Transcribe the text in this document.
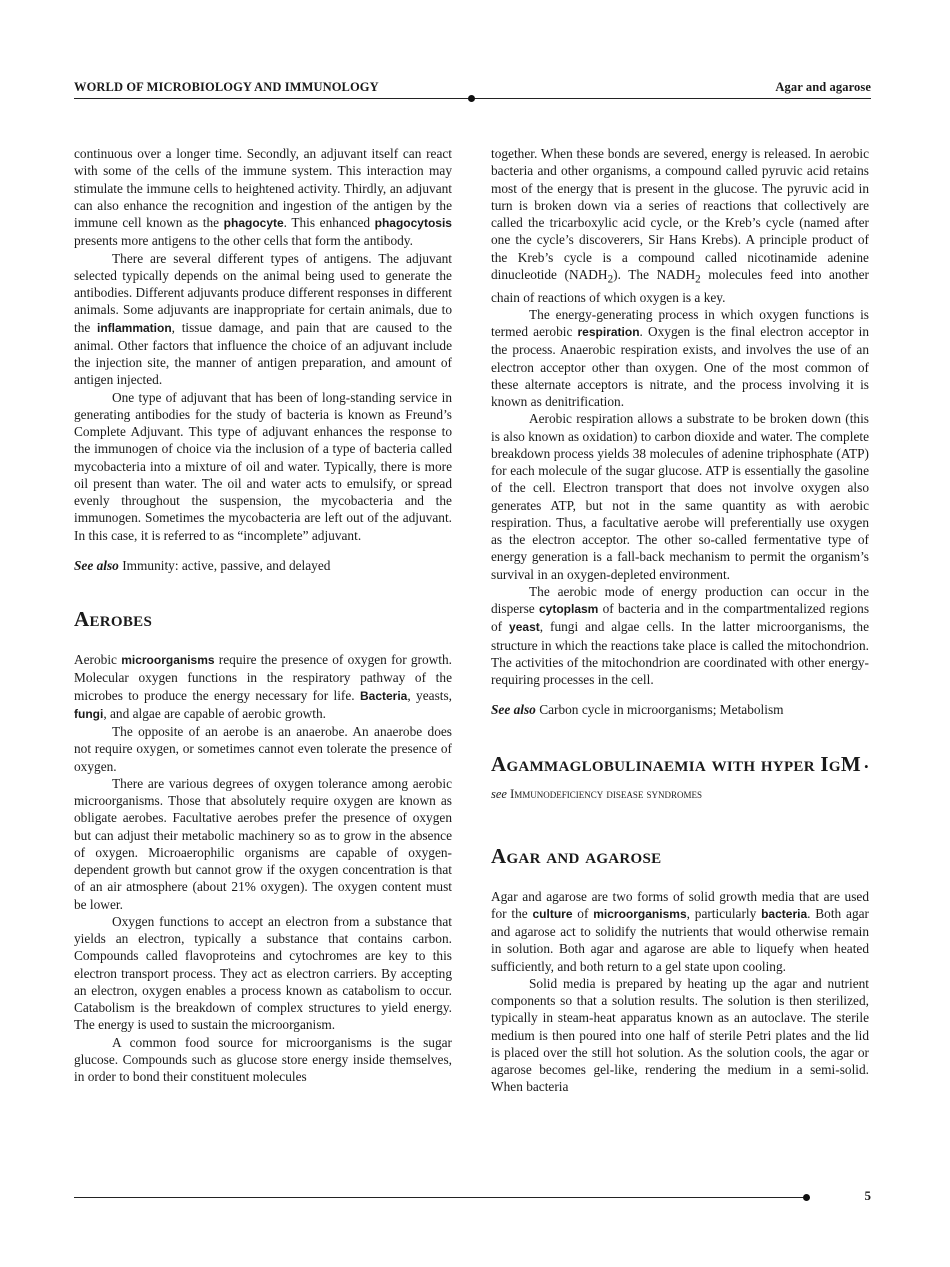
WORLD OF MICROBIOLOGY AND IMMUNOLOGY	Agar and agarose

continuous over a longer time. Secondly, an adjuvant itself can react with some of the cells of the immune system. This interaction may stimulate the immune cells to heightened activity. Thirdly, an adjuvant can also enhance the recognition and ingestion of the antigen by the immune cell known as the phagocyte. This enhanced phagocytosis presents more antigens to the other cells that form the antibody.

There are several different types of antigens. The adjuvant selected typically depends on the animal being used to generate the antibodies. Different adjuvants produce different responses in different animals. Some adjuvants are inappropriate for certain animals, due to the inflammation, tissue damage, and pain that are caused to the animal. Other factors that influence the choice of an adjuvant include the injection site, the manner of antigen preparation, and amount of antigen injected.

One type of adjuvant that has been of long-standing service in generating antibodies for the study of bacteria is known as Freund’s Complete Adjuvant. This type of adjuvant enhances the response to the immunogen of choice via the inclusion of a type of bacteria called mycobacteria into a mixture of oil and water. Typically, there is more oil present than water. The oil and water acts to emulsify, or spread evenly throughout the suspension, the mycobacteria and the immunogen. Sometimes the mycobacteria are left out of the adjuvant. In this case, it is referred to as “incomplete” adjuvant.

See also Immunity: active, passive, and delayed

Aerobes

Aerobic microorganisms require the presence of oxygen for growth. Molecular oxygen functions in the respiratory pathway of the microbes to produce the energy necessary for life. Bacteria, yeasts, fungi, and algae are capable of aerobic growth.

The opposite of an aerobe is an anaerobe. An anaerobe does not require oxygen, or sometimes cannot even tolerate the presence of oxygen.

There are various degrees of oxygen tolerance among aerobic microorganisms. Those that absolutely require oxygen are known as obligate aerobes. Facultative aerobes prefer the presence of oxygen but can adjust their metabolic machinery so as to grow in the absence of oxygen. Microaerophilic organisms are capable of oxygen-dependent growth but cannot grow if the oxygen concentration is that of an air atmosphere (about 21% oxygen). The oxygen content must be lower.

Oxygen functions to accept an electron from a substance that yields an electron, typically a substance that contains carbon. Compounds called flavoproteins and cytochromes are key to this electron transport process. They act as electron carriers. By accepting an electron, oxygen enables a process known as catabolism to occur. Catabolism is the breakdown of complex structures to yield energy. The energy is used to sustain the microorganism.

A common food source for microorganisms is the sugar glucose. Compounds such as glucose store energy inside themselves, in order to bond their constituent molecules

together. When these bonds are severed, energy is released. In aerobic bacteria and other organisms, a compound called pyruvic acid retains most of the energy that is present in the glucose. The pyruvic acid in turn is broken down via a series of reactions that collectively are called the tricarboxylic acid cycle, or the Kreb’s cycle (named after one the cycle’s discoverers, Sir Hans Krebs). A principle product of the Kreb’s cycle is a compound called nicotinamide adenine dinucleotide $(NADH_2)$. The $NADH_2$ molecules feed into another chain of reactions of which oxygen is a key.

The energy-generating process in which oxygen functions is termed aerobic respiration. Oxygen is the final electron acceptor in the process. Anaerobic respiration exists, and involves the use of an electron acceptor other than oxygen. One of the most common of these alternate acceptors is nitrate, and the process involving it is known as denitrification.

Aerobic respiration allows a substrate to be broken down (this is also known as oxidation) to carbon dioxide and water. The complete breakdown process yields 38 molecules of adenine triphosphate (ATP) for each molecule of the sugar glucose. ATP is essentially the gasoline of the cell. Electron transport that does not involve oxygen also generates ATP, but not in the same quantity as with aerobic respiration. Thus, a facultative aerobe will preferentially use oxygen as the electron acceptor. The other so-called fermentative type of energy generation is a fall-back mechanism to permit the organism’s survival in an oxygen-depleted environment.

The aerobic mode of energy production can occur in the disperse cytoplasm of bacteria and in the compartmentalized regions of yeast, fungi and algae cells. In the latter microorganisms, the structure in which the reactions take place is called the mitochondrion. The activities of the mitochondrion are coordinated with other energy-requiring processes in the cell.

See also Carbon cycle in microorganisms; Metabolism

Agammaglobulinaemia with hyper IgM • see Immunodeficiency disease syndromes
Agar and agarose

Agar and agarose are two forms of solid growth media that are used for the culture of microorganisms, particularly bacteria. Both agar and agarose act to solidify the nutrients that would otherwise remain in solution. Both agar and agarose are able to liquefy when heated sufficiently, and both return to a gel state upon cooling.

Solid media is prepared by heating up the agar and nutrient components so that a solution results. The solution is then sterilized, typically in steam-heat apparatus known as an autoclave. The sterile medium is then poured into one half of sterile Petri plates and the lid is placed over the still hot solution. As the solution cools, the agar or agarose becomes gel-like, rendering the medium in a semi-solid. When bacteria

5
